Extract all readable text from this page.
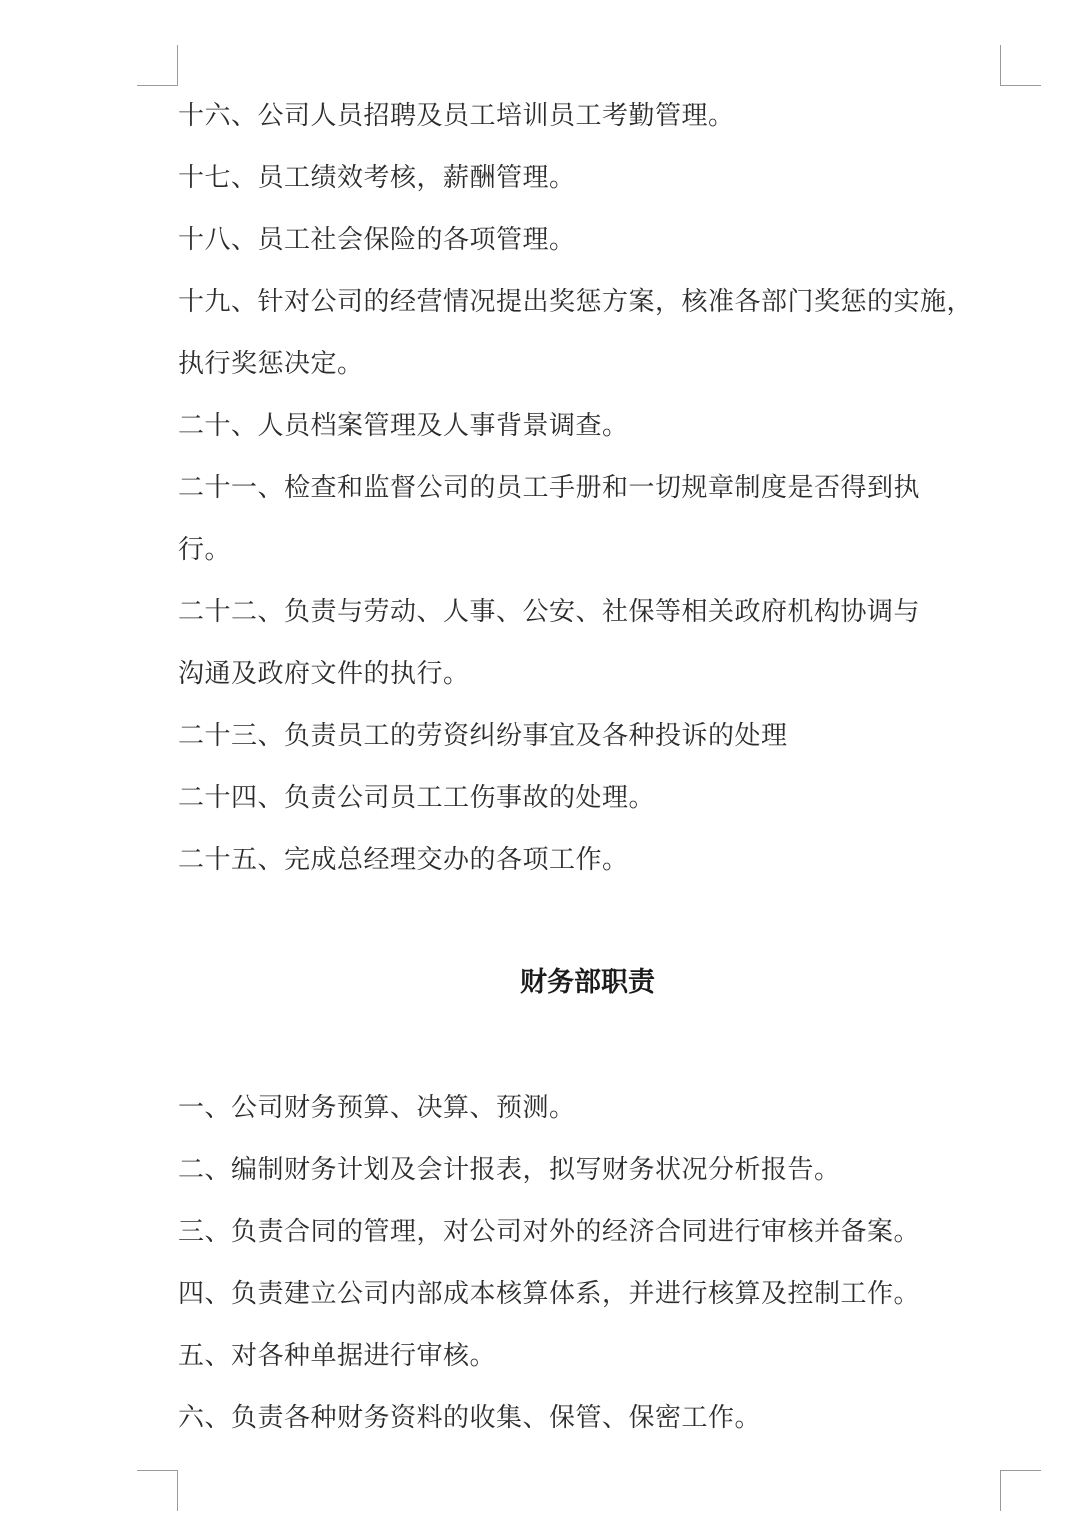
十六、公司人员招聘及员工培训员工考勤管理。
十七、员工绩效考核，薪酬管理。
十八、员工社会保险的各项管理。
十九、针对公司的经营情况提出奖惩方案，核准各部门奖惩的实施，
执行奖惩决定。
二十、人员档案管理及人事背景调查。
二十一、检查和监督公司的员工手册和一切规章制度是否得到执
行。
二十二、负责与劳动、人事、公安、社保等相关政府机构协调与
沟通及政府文件的执行。
二十三、负责员工的劳资纠纷事宜及各种投诉的处理
二十四、负责公司员工工伤事故的处理。
二十五、完成总经理交办的各项工作。
财务部职责
一、公司财务预算、决算、预测。
二、编制财务计划及会计报表，拟写财务状况分析报告。
三、负责合同的管理，对公司对外的经济合同进行审核并备案。
四、负责建立公司内部成本核算体系，并进行核算及控制工作。
五、对各种单据进行审核。
六、负责各种财务资料的收集、保管、保密工作。
